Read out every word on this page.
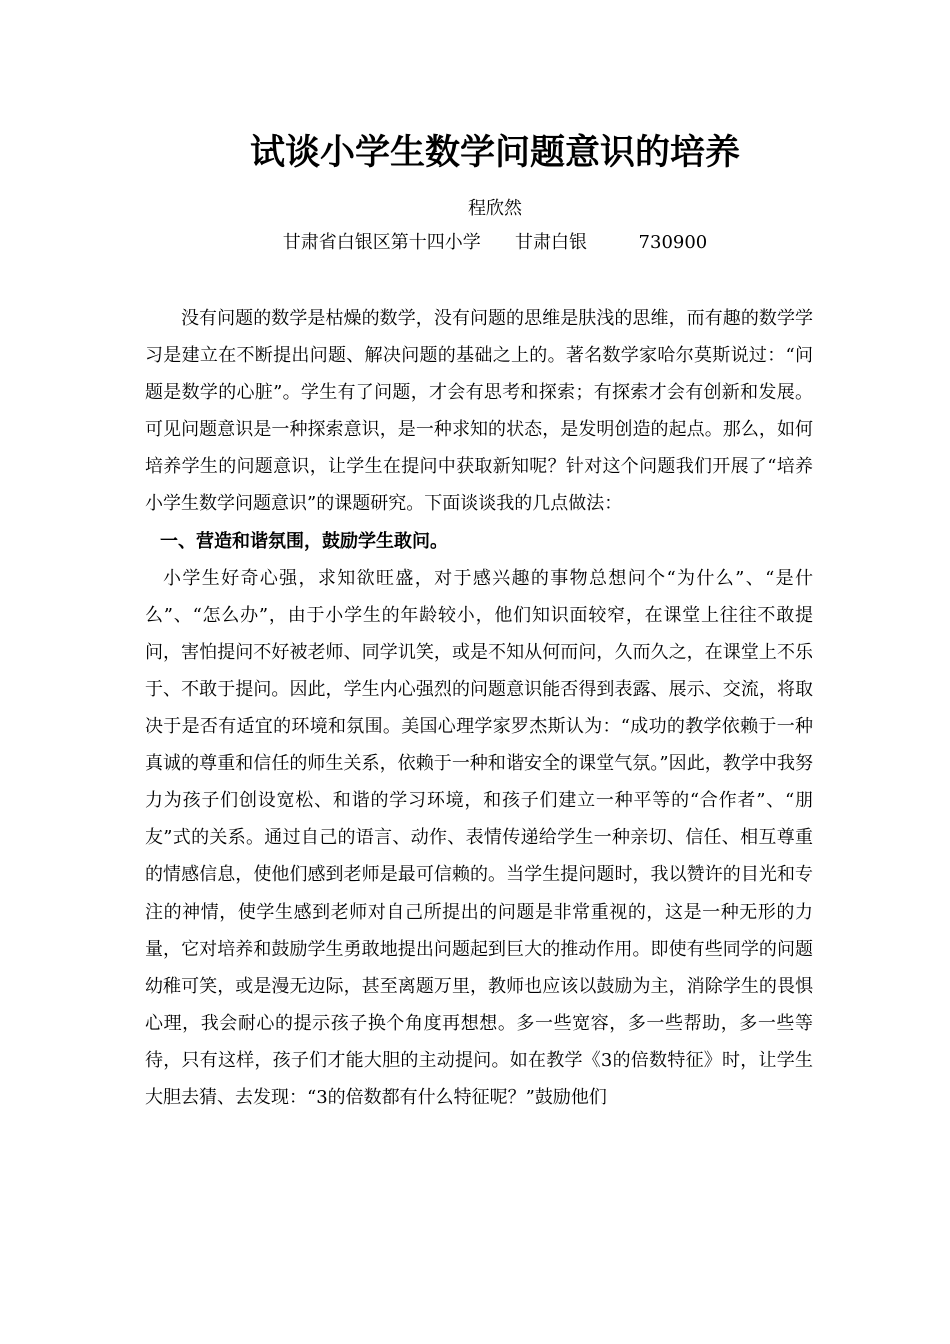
试谈小学生数学问题意识的培养
程欣然
甘肃省白银区第十四小学      甘肃白银         730900

没有问题的数学是枯燥的数学，没有问题的思维是肤浅的思维，而有趣的数学学习是建立在不断提出问题、解决问题的基础之上的。著名数学家哈尔莫斯说过：“问题是数学的心脏”。学生有了问题，才会有思考和探索；有探索才会有创新和发展。可见问题意识是一种探索意识，是一种求知的状态，是发明创造的起点。那么，如何培养学生的问题意识，让学生在提问中获取新知呢？针对这个问题我们开展了“培养小学生数学问题意识”的课题研究。下面谈谈我的几点做法：

一、营造和谐氛围，鼓励学生敢问。

小学生好奇心强，求知欲旺盛，对于感兴趣的事物总想问个“为什么”、“是什么”、“怎么办”，由于小学生的年龄较小，他们知识面较窄，在课堂上往往不敢提问，害怕提问不好被老师、同学讥笑，或是不知从何而问，久而久之，在课堂上不乐于、不敢于提问。因此，学生内心强烈的问题意识能否得到表露、展示、交流，将取决于是否有适宜的环境和氛围。美国心理学家罗杰斯认为：“成功的教学依赖于一种真诚的尊重和信任的师生关系，依赖于一种和谐安全的课堂气氛。”因此，教学中我努力为孩子们创设宽松、和谐的学习环境，和孩子们建立一种平等的“合作者”、“朋友”式的关系。通过自己的语言、动作、表情传递给学生一种亲切、信任、相互尊重的情感信息，使他们感到老师是最可信赖的。当学生提问题时，我以赞许的目光和专注的神情，使学生感到老师对自己所提出的问题是非常重视的，这是一种无形的力量，它对培养和鼓励学生勇敢地提出问题起到巨大的推动作用。即使有些同学的问题幼稚可笑，或是漫无边际，甚至离题万里，教师也应该以鼓励为主，消除学生的畏惧心理，我会耐心的提示孩子换个角度再想想。多一些宽容，多一些帮助，多一些等待，只有这样，孩子们才能大胆的主动提问。如在教学《3的倍数特征》时，让学生大胆去猜、去发现：“3的倍数都有什么特征呢？”鼓励他们
